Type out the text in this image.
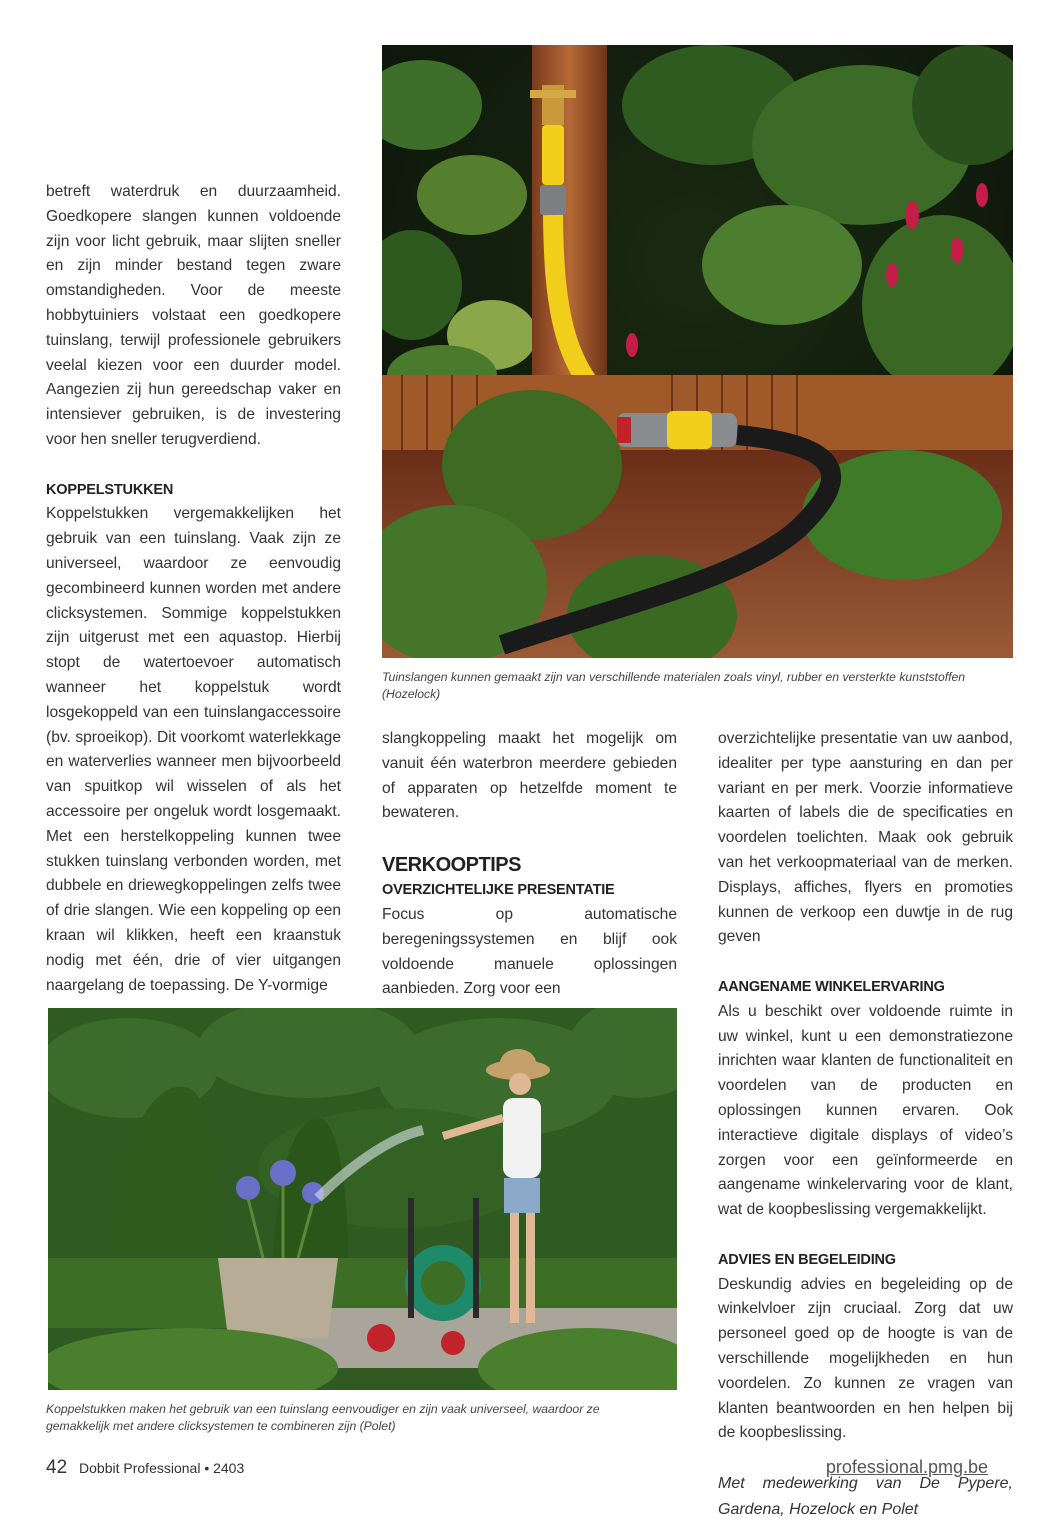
Tuinslangen kunnen gemaakt zijn van verschillende materialen zoals vinyl, rubber en versterkte kunststoffen (Hozelock)

betreft waterdruk en duurzaamheid. Goedkopere slangen kunnen voldoende zijn voor licht gebruik, maar slijten sneller en zijn minder bestand tegen zware omstandigheden. Voor de meeste hobbytuiniers volstaat een goedkopere tuinslang, terwijl professionele gebruikers veelal kiezen voor een duurder model. Aangezien zij hun gereedschap vaker en intensiever gebruiken, is de investering voor hen sneller terugverdiend.

KOPPELSTUKKEN

Koppelstukken vergemakkelijken het gebruik van een tuinslang. Vaak zijn ze universeel, waardoor ze eenvoudig gecombineerd kunnen worden met andere clicksystemen. Sommige koppelstukken zijn uitgerust met een aquastop. Hierbij stopt de watertoevoer automatisch wanneer het koppelstuk wordt losgekoppeld van een tuinslangaccessoire (bv. sproeikop). Dit voorkomt waterlekkage en waterverlies wanneer men bijvoorbeeld van spuitkop wil wisselen of als het accessoire per ongeluk wordt losgemaakt. Met een herstelkoppeling kunnen twee stukken tuinslang verbonden worden, met dubbele en driewegkoppelingen zelfs twee of drie slangen. Wie een koppeling op een kraan wil klikken, heeft een kraanstuk nodig met één, drie of vier uitgangen naargelang de toepassing. De Y-vormige

slangkoppeling maakt het mogelijk om vanuit één waterbron meerdere gebieden of apparaten op hetzelfde moment te bewateren.

VERKOOPTIPS
OVERZICHTELIJKE PRESENTATIE

Focus op automatische beregeningssystemen en blijf ook voldoende manuele oplossingen aanbieden. Zorg voor een

overzichtelijke presentatie van uw aanbod, idealiter per type aansturing en dan per variant en per merk. Voorzie informatieve kaarten of labels die de specificaties en voordelen toelichten. Maak ook gebruik van het verkoopmateriaal van de merken. Displays, affiches, flyers en promoties kunnen de verkoop een duwtje in de rug geven

AANGENAME WINKELERVARING

Als u beschikt over voldoende ruimte in uw winkel, kunt u een demonstratiezone inrichten waar klanten de functionaliteit en voordelen van de producten en oplossingen kunnen ervaren. Ook interactieve digitale displays of video’s zorgen voor een geïnformeerde en aangename winkelervaring voor de klant, wat de koopbeslissing vergemakkelijkt.

ADVIES EN BEGELEIDING

Deskundig advies en begeleiding op de winkelvloer zijn cruciaal. Zorg dat uw personeel goed op de hoogte is van de verschillende mogelijkheden en hun voordelen. Zo kunnen ze vragen van klanten beantwoorden en hen helpen bij de koopbeslissing.

Met medewerking van De Pypere, Gardena, Hozelock en Polet

Koppelstukken maken het gebruik van een tuinslang eenvoudiger en zijn vaak universeel, waardoor ze gemakkelijk met andere clicksystemen te combineren zijn (Polet)
42 Dobbit Professional • 2403	professional.pmg.be
